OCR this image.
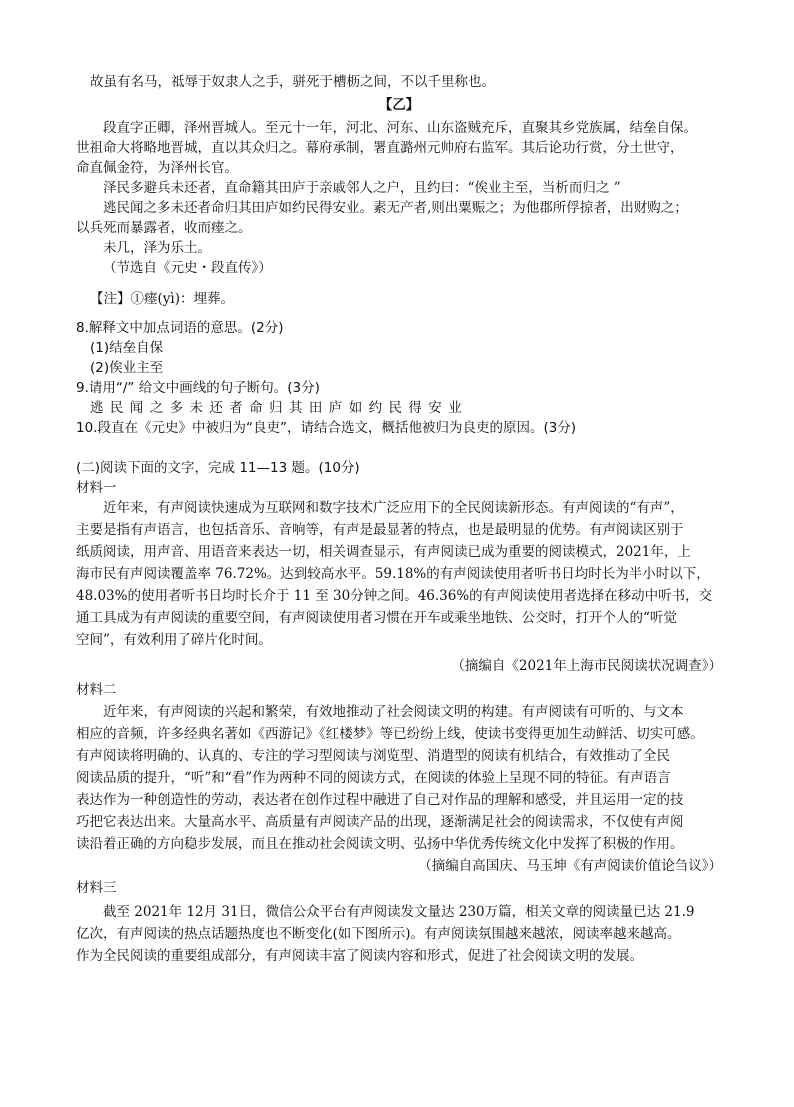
故虽有名马，祗辱于奴隶人之手，骈死于槽枥之间，不以千里称也。
【乙】
段直字正卿，泽州晋城人。至元十一年，河北、河东、山东盗贼充斥，直聚其乡党族属，结垒自保。
世祖命大将略地晋城，直以其众归之。幕府承制，署直潞州元帅府右监军。其后论功行赏，分土世守，
命直佩金符，为泽州长官。
泽民多避兵未还者，直命籍其田庐于亲戚邻人之户，且约曰：“俟业主至，当析而归之 ”
逃民闻之多未还者命归其田庐如约民得安业。素无产者,则出粟赈之；为他郡所俘掠者，出财购之；
以兵死而暴露者，收而瘗之。
未几，泽为乐土。
（节选自《元史・段直传》）
【注】①瘗(yì)：埋葬。
8.解释文中加点词语的意思。(2分)
(1)结垒自保
(2)俟业主至
9.请用“/” 给文中画线的句子断句。(3分)
逃民闻之多未还者命归其田庐如约民得安业
10.段直在《元史》中被归为“良吏”，请结合选文，概括他被归为良吏的原因。(3分)
(二)阅读下面的文字，完成 11—13 题。(10分)
材料一
近年来，有声阅读快速成为互联网和数字技术广泛应用下的全民阅读新形态。有声阅读的“有声”，
主要是指有声语言，也包括音乐、音响等，有声是最显著的特点，也是最明显的优势。有声阅读区别于
纸质阅读，用声音、用语音来表达一切，相关调查显示，有声阅读已成为重要的阅读模式，2021年，上
海市民有声阅读覆盖率 76.72%。达到较高水平。59.18%的有声阅读使用者听书日均时长为半小时以下，
48.03%的使用者听书日均时长介于 11 至 30分钟之间。46.36%的有声阅读使用者选择在移动中听书，交
通工具成为有声阅读的重要空间，有声阅读使用者习惯在开车或乘坐地铁、公交时，打开个人的“听觉
空间”，有效利用了碎片化时间。
（摘编自《2021年上海市民阅读状况调查》）
材料二
近年来，有声阅读的兴起和繁荣，有效地推动了社会阅读文明的构建。有声阅读有可听的、与文本
相应的音频，许多经典名著如《西游记》《红楼梦》等已纷纷上线，使读书变得更加生动鲜活、切实可感。
有声阅读将明确的、认真的、专注的学习型阅读与浏览型、消遣型的阅读有机结合，有效推动了全民
阅读品质的提升，“听”和“看”作为两种不同的阅读方式，在阅读的体验上呈现不同的特征。有声语言
表达作为一种创造性的劳动，表达者在创作过程中融进了自己对作品的理解和感受，并且运用一定的技
巧把它表达出来。大量高水平、高质量有声阅读产品的出现，逐渐满足社会的阅读需求，不仅使有声阅
读沿着正确的方向稳步发展，而且在推动社会阅读文明、弘扬中华优秀传统文化中发挥了积极的作用。
（摘编自高国庆、马玉坤《有声阅读价值论刍议》）
材料三
截至 2021年 12月 31日，微信公众平台有声阅读发文量达 230万篇，相关文章的阅读量已达 21.9
亿次，有声阅读的热点话题热度也不断变化(如下图所示)。有声阅读氛围越来越浓，阅读率越来越高。
作为全民阅读的重要组成部分，有声阅读丰富了阅读内容和形式，促进了社会阅读文明的发展。
